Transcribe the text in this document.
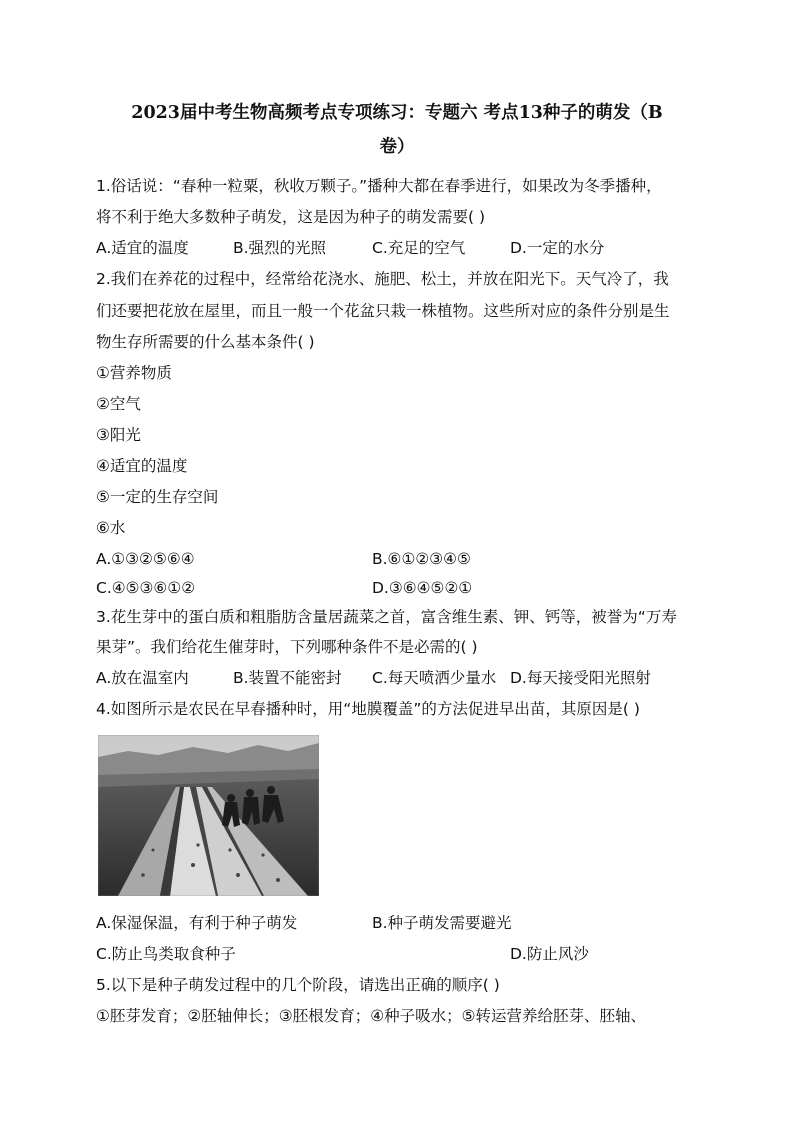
2023届中考生物高频考点专项练习：专题六 考点13种子的萌发（B
卷）
1.俗话说：“春种一粒粟，秋收万颗子。”播种大都在春季进行，如果改为冬季播种，
将不利于绝大多数种子萌发，这是因为种子的萌发需要( )
A.适宜的温度	B.强烈的光照	C.充足的空气	D.一定的水分
2.我们在养花的过程中，经常给花浇水、施肥、松土，并放在阳光下。天气冷了，我
们还要把花放在屋里，而且一般一个花盆只栽一株植物。这些所对应的条件分别是生
物生存所需要的什么基本条件( )
①营养物质
②空气
③阳光
④适宜的温度
⑤一定的生存空间
⑥水
A.①③②⑤⑥④	B.⑥①②③④⑤
C.④⑤③⑥①②	D.③⑥④⑤②①
3.花生芽中的蛋白质和粗脂肪含量居蔬菜之首，富含维生素、钾、钙等，被誉为“万寿
果芽”。我们给花生催芽时，下列哪种条件不是必需的( )
A.放在温室内	B.装置不能密封 C.每天喷洒少量水 D.每天接受阳光照射
4.如图所示是农民在早春播种时，用“地膜覆盖”的方法促进早出苗，其原因是( )
A.保湿保温，有利于种子萌发	B.种子萌发需要避光
C.防止鸟类取食种子	D.防止风沙
5.以下是种子萌发过程中的几个阶段，请选出正确的顺序( )
①胚芽发育；②胚轴伸长；③胚根发育；④种子吸水；⑤转运营养给胚芽、胚轴、
